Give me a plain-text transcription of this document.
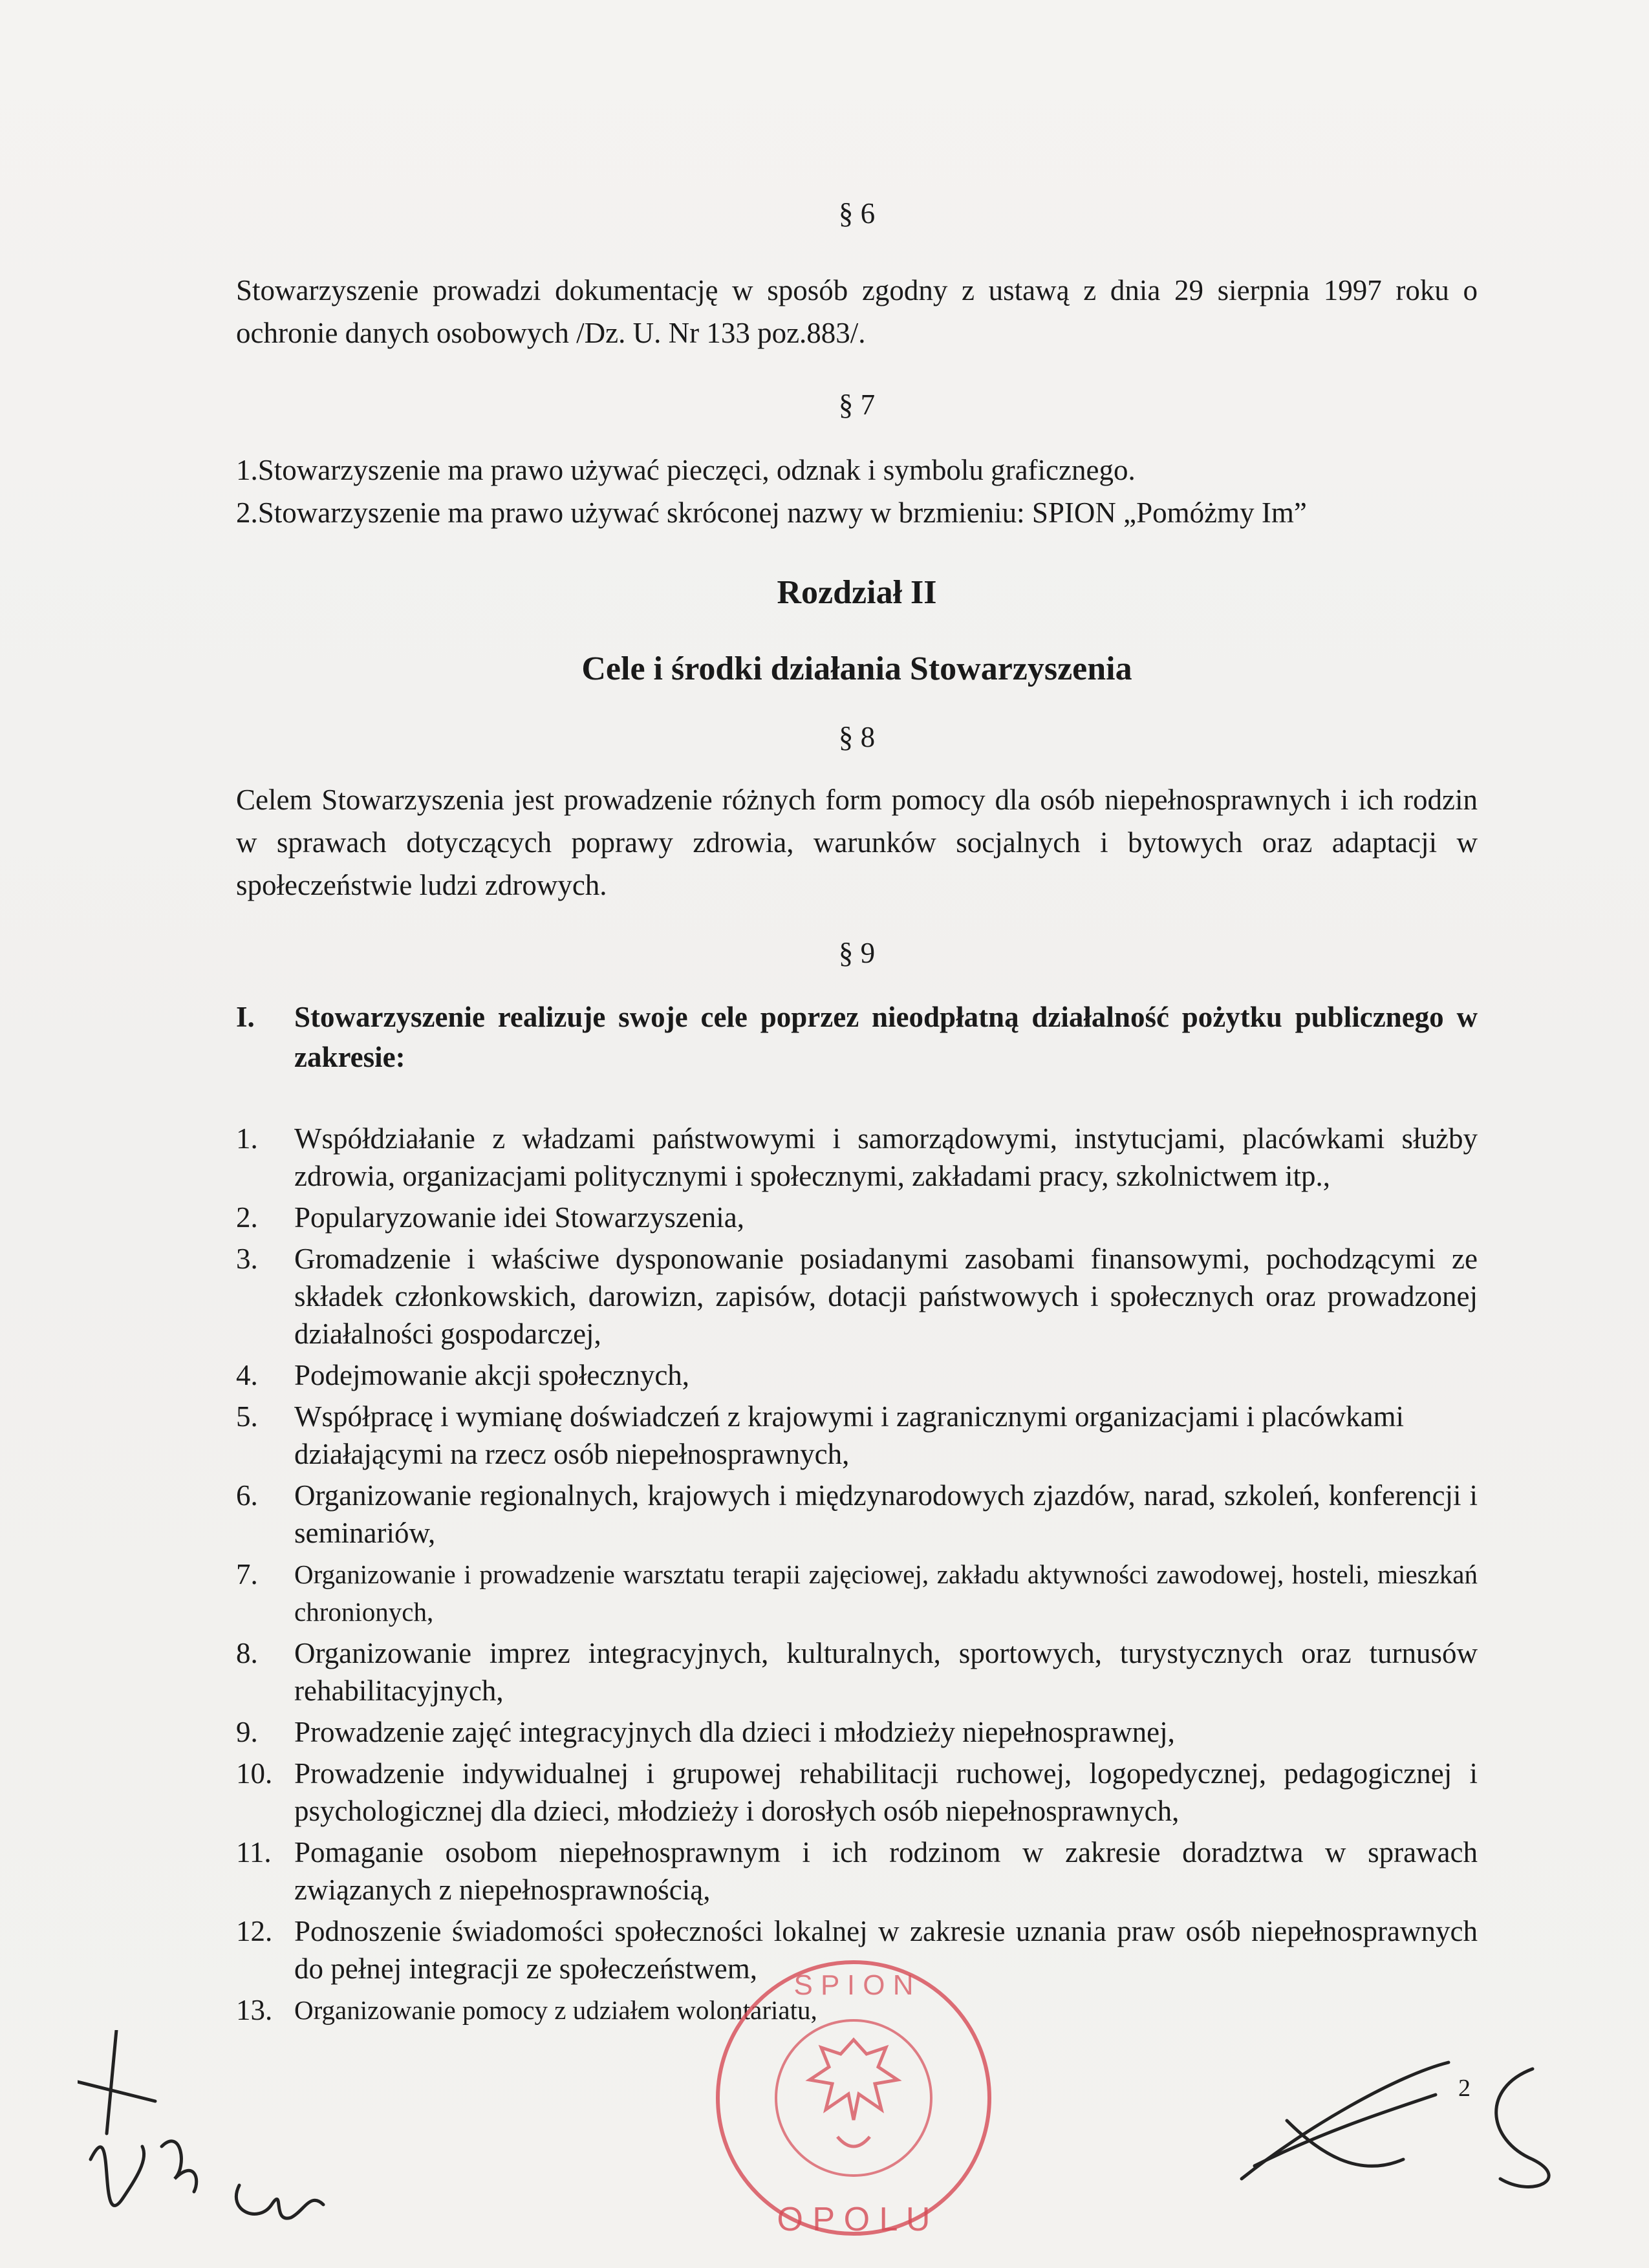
§ 6

Stowarzyszenie prowadzi dokumentację w sposób zgodny z ustawą z dnia 29 sierpnia 1997 roku o ochronie danych osobowych /Dz. U. Nr 133 poz.883/.

§ 7
1.Stowarzyszenie ma prawo używać pieczęci, odznak i symbolu graficznego.
2.Stowarzyszenie ma prawo używać skróconej nazwy w brzmieniu: SPION „Pomóżmy Im”
Rozdział II
Cele i środki działania Stowarzyszenia
§ 8

Celem Stowarzyszenia jest prowadzenie różnych form pomocy dla osób niepełnosprawnych i ich rodzin w sprawach dotyczących poprawy zdrowia, warunków socjalnych i bytowych oraz adaptacji w społeczeństwie ludzi zdrowych.

§ 9
I.	Stowarzyszenie realizuje swoje cele poprzez nieodpłatną działalność pożytku publicznego w zakresie:
1.	Współdziałanie z władzami państwowymi i samorządowymi, instytucjami, placówkami służby zdrowia, organizacjami politycznymi i społecznymi, zakładami pracy, szkolnictwem itp.,
2.	Popularyzowanie idei Stowarzyszenia,
3.	Gromadzenie i właściwe dysponowanie posiadanymi zasobami finansowymi, pochodzącymi ze składek członkowskich, darowizn, zapisów, dotacji państwowych i społecznych oraz prowadzonej działalności gospodarczej,
4.	Podejmowanie akcji społecznych,
5.	Współpracę i wymianę doświadczeń z krajowymi i zagranicznymi organizacjami i placówkami działającymi na rzecz osób niepełnosprawnych,
6.	Organizowanie regionalnych, krajowych i międzynarodowych zjazdów, narad, szkoleń, konferencji i seminariów,
7.	Organizowanie i prowadzenie warsztatu terapii zajęciowej, zakładu aktywności zawodowej, hosteli, mieszkań chronionych,
8.	Organizowanie imprez integracyjnych, kulturalnych, sportowych, turystycznych oraz turnusów rehabilitacyjnych,
9.	Prowadzenie zajęć integracyjnych dla dzieci i młodzieży niepełnosprawnej,
10. Prowadzenie indywidualnej i grupowej rehabilitacji ruchowej, logopedycznej, pedagogicznej i psychologicznej dla dzieci, młodzieży i dorosłych osób niepełnosprawnych,
11. Pomaganie osobom niepełnosprawnym i ich rodzinom w zakresie doradztwa w sprawach związanych z niepełnosprawnością,
12. Podnoszenie świadomości społeczności lokalnej w zakresie uznania praw osób niepełnosprawnych do pełnej integracji ze społeczeństwem,
13. Organizowanie pomocy z udziałem wolontariatu,
O P O L U
S P I O N
2
